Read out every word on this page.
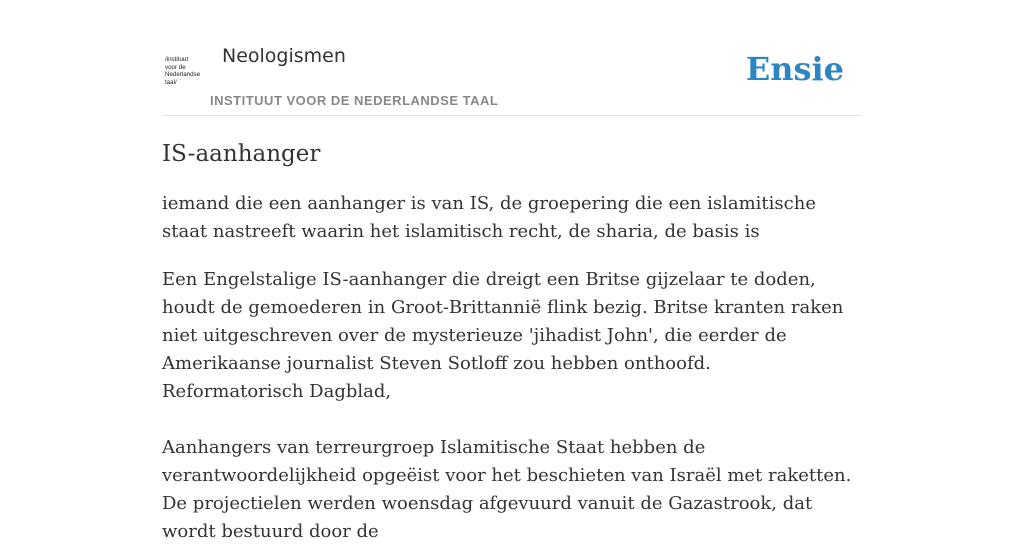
/instituut
voor de
Nederlandse
taal/
Neologismen
INSTITUUT VOOR DE NEDERLANDSE TAAL
Ensie
IS-aanhanger

iemand die een aanhanger is van IS, de groepering die een islamitische staat nastreeft waarin het islamitisch recht, de sharia, de basis is

Een Engelstalige IS-aanhanger die dreigt een Britse gijzelaar te doden, houdt de gemoederen in Groot-Brittannië flink bezig. Britse kranten raken niet uitgeschreven over de mysterieuze 'jihadist John', die eerder de Amerikaanse journalist Steven Sotloff zou hebben onthoofd.
Reformatorisch Dagblad,
Aanhangers van terreurgroep Islamitische Staat hebben de verantwoordelijkheid opgeëist voor het beschieten van Israël met raketten. De projectielen werden woensdag afgevuurd vanuit de Gazastrook, dat wordt bestuurd door de
